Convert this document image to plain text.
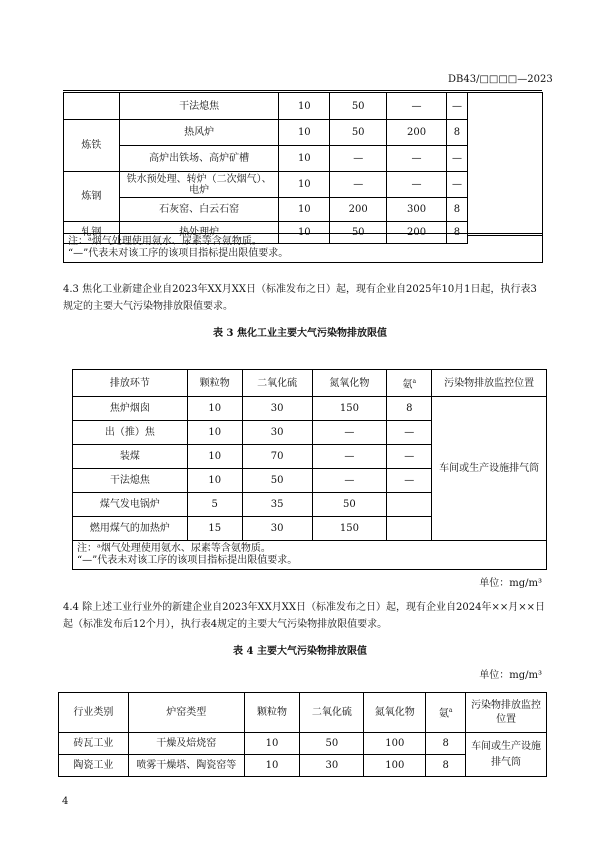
DB43/□□□□—2023
	干法熄焦	10	50	—	—
炼铁	热风炉	10	50	200	8
	高炉出铁场、高炉矿槽	10	—	—	—
炼钢	铁水预处理、转炉（二次烟气）、电炉	10	—	—	—
	石灰窑、白云石窑	10	200	300	8
轧钢	热处理炉	10	50	200	8
注：ᵃ烟气处理使用氨水、尿素等含氨物质。
“—”代表未对该工序的该项目指标提出限值要求。
4.3 焦化工业新建企业自2023年XX月XX日（标准发布之日）起，现有企业自2025年10月1日起，执行表3规定的主要大气污染物排放限值要求。
表 3 焦化工业主要大气污染物排放限值
排放环节	颗粒物	二氧化硫	氮氧化物	氨$^a$	污染物排放监控位置
焦炉烟囱	10	30	150	8	车间或生产设施排气筒
出（推）焦	10	30	—	—	
装煤	10	70	—	—	
干法熄焦	10	50	—	—	
煤气发电锅炉	5	35	50		
燃用煤气的加热炉	15	30	150		

注：ᵃ烟气处理使用氨水、尿素等含氨物质。
“—”代表未对该工序的该项目指标提出限值要求。					
单位：mg/m³
4.4 除上述工业行业外的新建企业自2023年XX月XX日（标准发布之日）起，现有企业自2024年××月××日起（标准发布后12个月），执行表4规定的主要大气污染物排放限值要求。
表 4 主要大气污染物排放限值
单位：mg/m³
行业类别	炉窑类型	颗粒物	二氧化硫	氮氧化物	氨$^a$	污染物排放监控位置
砖瓦工业	干燥及焙烧窑	10	50	100	8	车间或生产设施排气筒
陶瓷工业	喷雾干燥塔、陶瓷窑等	10	30	100	8	
4
